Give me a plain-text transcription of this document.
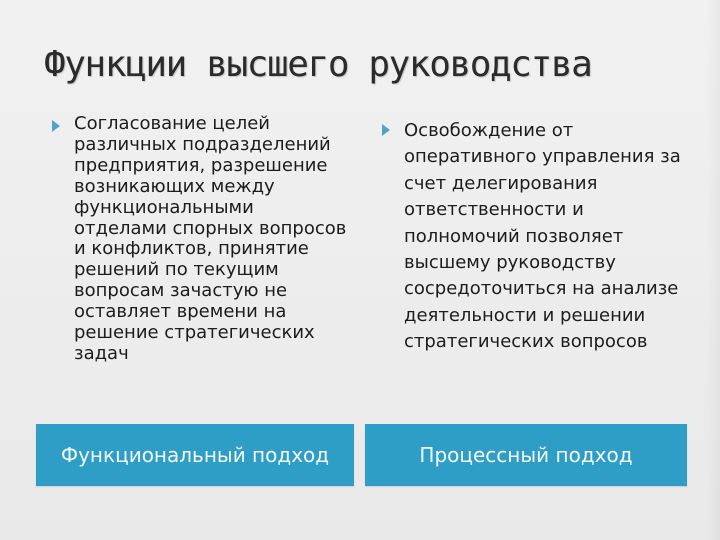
Функции высшего руководства
Согласование целей различных подразделений предприятия, разрешение возникающих между функциональными отделами спорных вопросов и конфликтов, принятие решений по текущим вопросам зачастую не оставляет времени на решение стратегических задач
Освобождение от оперативного управления за счет делегирования ответственности и полномочий позволяет высшему руководству сосредоточиться на анализе деятельности и решении стратегических вопросов
Функциональный подход	Процессный подход
